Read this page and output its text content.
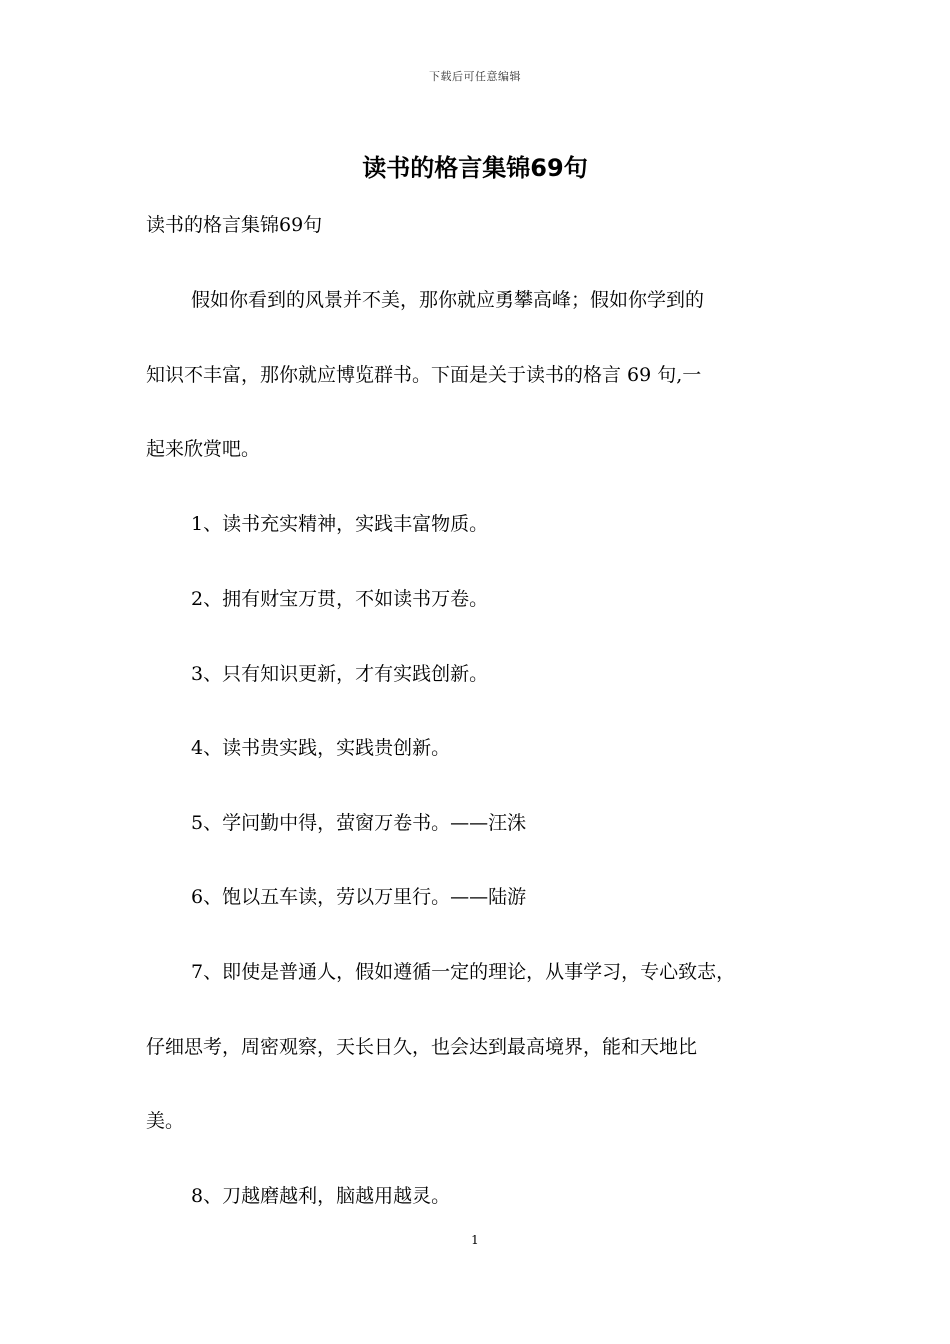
下载后可任意编辑
读书的格言集锦69句

读书的格言集锦69句

假如你看到的风景并不美，那你就应勇攀高峰；假如你学到的

知识不丰富，那你就应博览群书。下面是关于读书的格言 69 句,一

起来欣赏吧。

1、读书充实精神，实践丰富物质。

2、拥有财宝万贯，不如读书万卷。

3、只有知识更新，才有实践创新。

4、读书贵实践，实践贵创新。

5、学问勤中得，萤窗万卷书。——汪洙

6、饱以五车读，劳以万里行。——陆游

7、即使是普通人，假如遵循一定的理论，从事学习，专心致志，

仔细思考，周密观察，天长日久，也会达到最高境界，能和天地比

美。

8、刀越磨越利，脑越用越灵。

1
